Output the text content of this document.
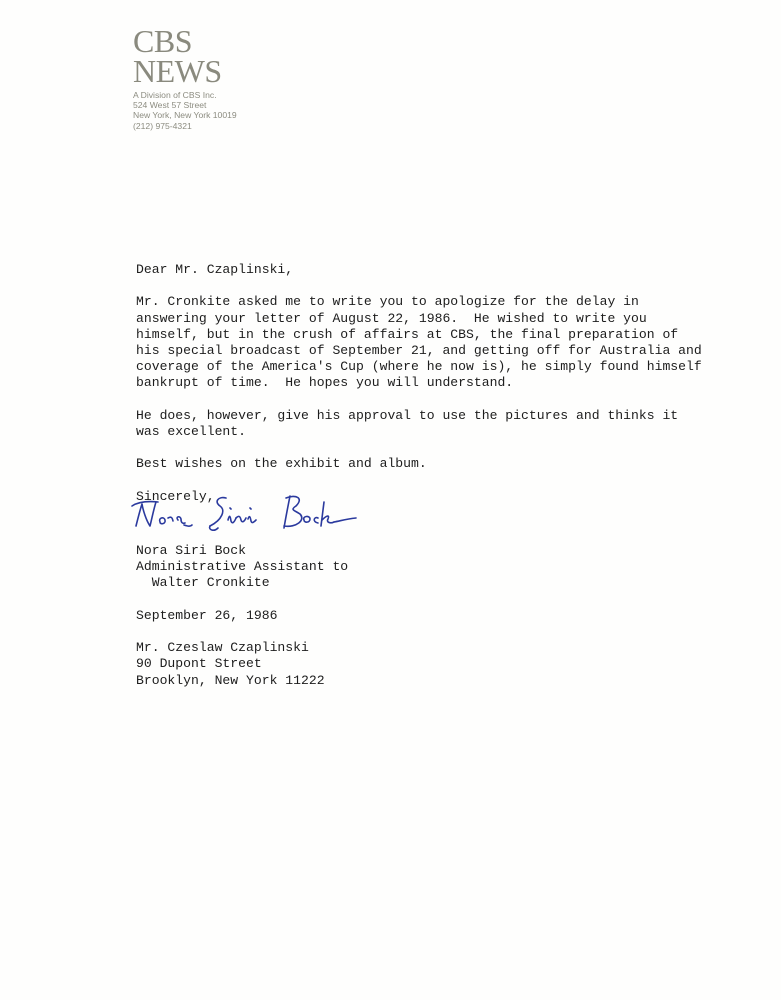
CBS
NEWS
A Division of CBS Inc.
524 West 57 Street
New York, New York 10019
(212) 975-4321
Dear Mr. Czaplinski,
Mr. Cronkite asked me to write you to apologize for the delay in
answering your letter of August 22, 1986.  He wished to write you
himself, but in the crush of affairs at CBS, the final preparation of
his special broadcast of September 21, and getting off for Australia and
coverage of the America's Cup (where he now is), he simply found himself
bankrupt of time.  He hopes you will understand.
He does, however, give his approval to use the pictures and thinks it
was excellent.
Best wishes on the exhibit and album.
Sincerely,
Nora Siri Bock
Administrative Assistant to
Walter Cronkite
September 26, 1986
Mr. Czeslaw Czaplinski
90 Dupont Street
Brooklyn, New York 11222
